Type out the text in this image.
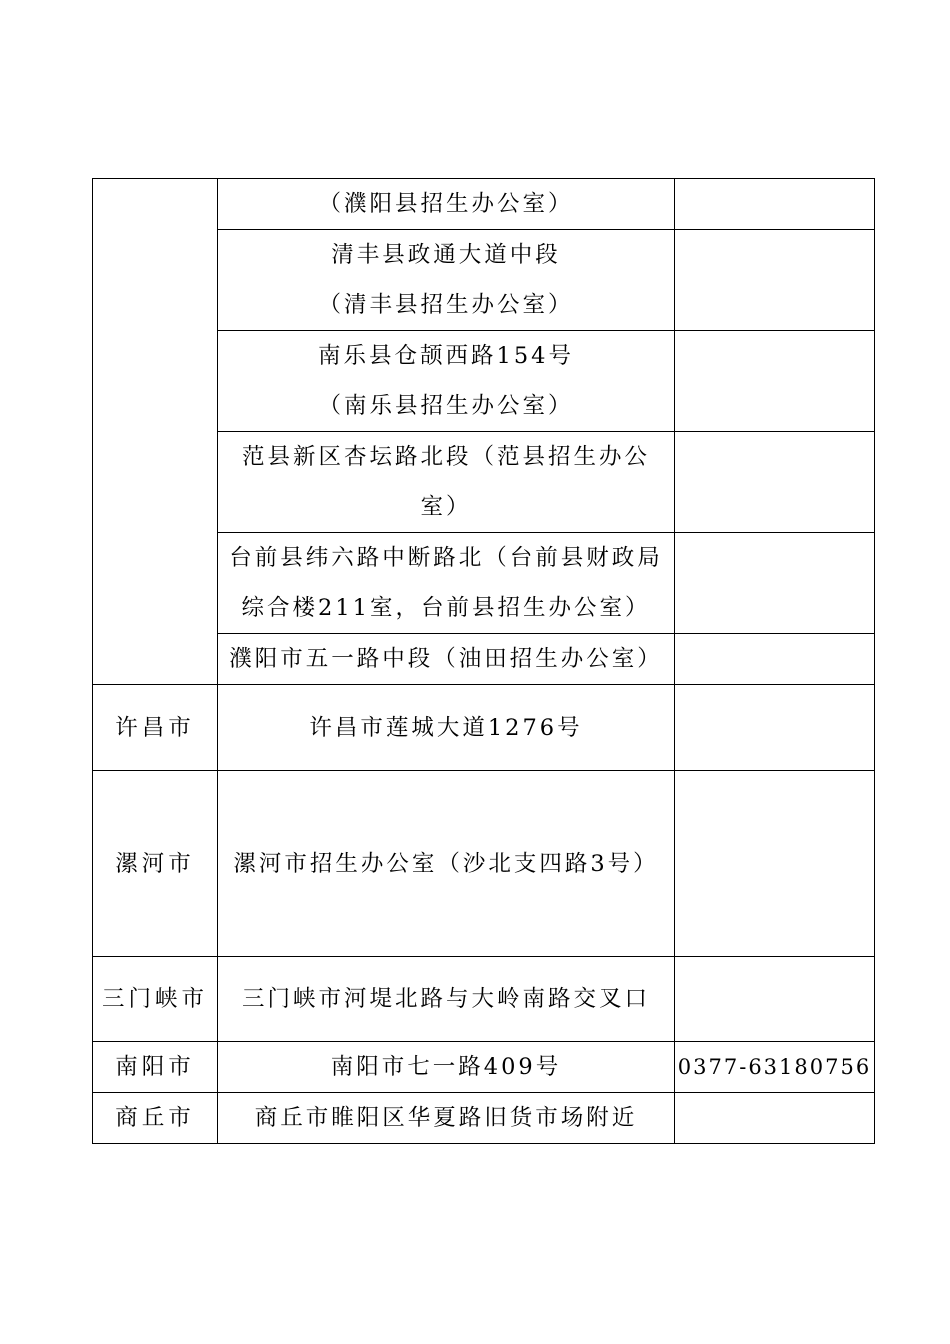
	（濮阳县招生办公室）	

	清丰县政通大道中段
（清丰县招生办公室）	

	南乐县仓颉西路154号
（南乐县招生办公室）	

	范县新区杏坛路北段（范县招生办公
室）	

	台前县纬六路中断路北（台前县财政局
综合楼211室，台前县招生办公室）	

	濮阳市五一路中段（油田招生办公室）	

许昌市	许昌市莲城大道1276号	

漯河市	漯河市招生办公室（沙北支四路3号）	

三门峡市	三门峡市河堤北路与大岭南路交叉口	

南阳市	南阳市七一路409号	0377-63180756
商丘市	商丘市睢阳区华夏路旧货市场附近	
